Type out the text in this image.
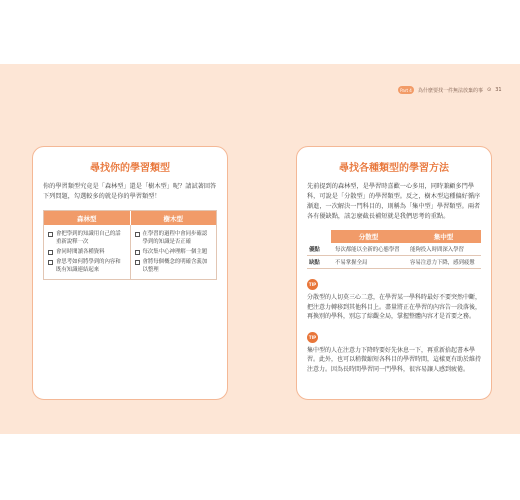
Part 4	為什麼要找一件無法放棄的事 ⊙ 31
尋找你的學習類型
你的學習類型究竟是「森林型」還是「樹木型」呢？請試著回答下列問題，勾選較多的就是你的學習類型！
森林型	樹木型
會把學到的知識用自己的話重新說釋一次
會同時閱讀各種資料
會思考如何將學到的內容和既有知識連結起來
在學習的過程中會同步確認學到的知識是否正確
每次集中心神理解一個主題
會將每個概念的明確含義加以整理
尋找各種類型的學習方法
先前提到的森林型，是學習時喜歡一心多用，同時兼顧多門學科，可說是「分散型」的學習類型。反之，樹木型這種偏好循序漸進，一次解決一門科目的，則稱為「集中型」學習類型。兩者各有優缺點，該怎麼截長補短就是我們思考的重點。
分散型	集中型
優點	每次都能以全新的心態學習	能夠投入時間深入學習
缺點	不易掌握全局	容易注意力下降，感到疲憊
TIP
分散型的人切莫三心二意，在學習某一學科時最好不要突然中斷，把注意力轉移到其他科目上。盡量將正在學習的內容告一段落後，再換別的學科，別忘了綜觀全局，掌握整體內容才是首要之務。
TIP
集中型的人在注意力下降時要好先休息一下，再重新拾起書本學習。此外，也可以稍微縮短各科目的學習時間，這樣更有助於維持注意力。因為長時間學習同一門學科，很容易讓人感到疲倦。
